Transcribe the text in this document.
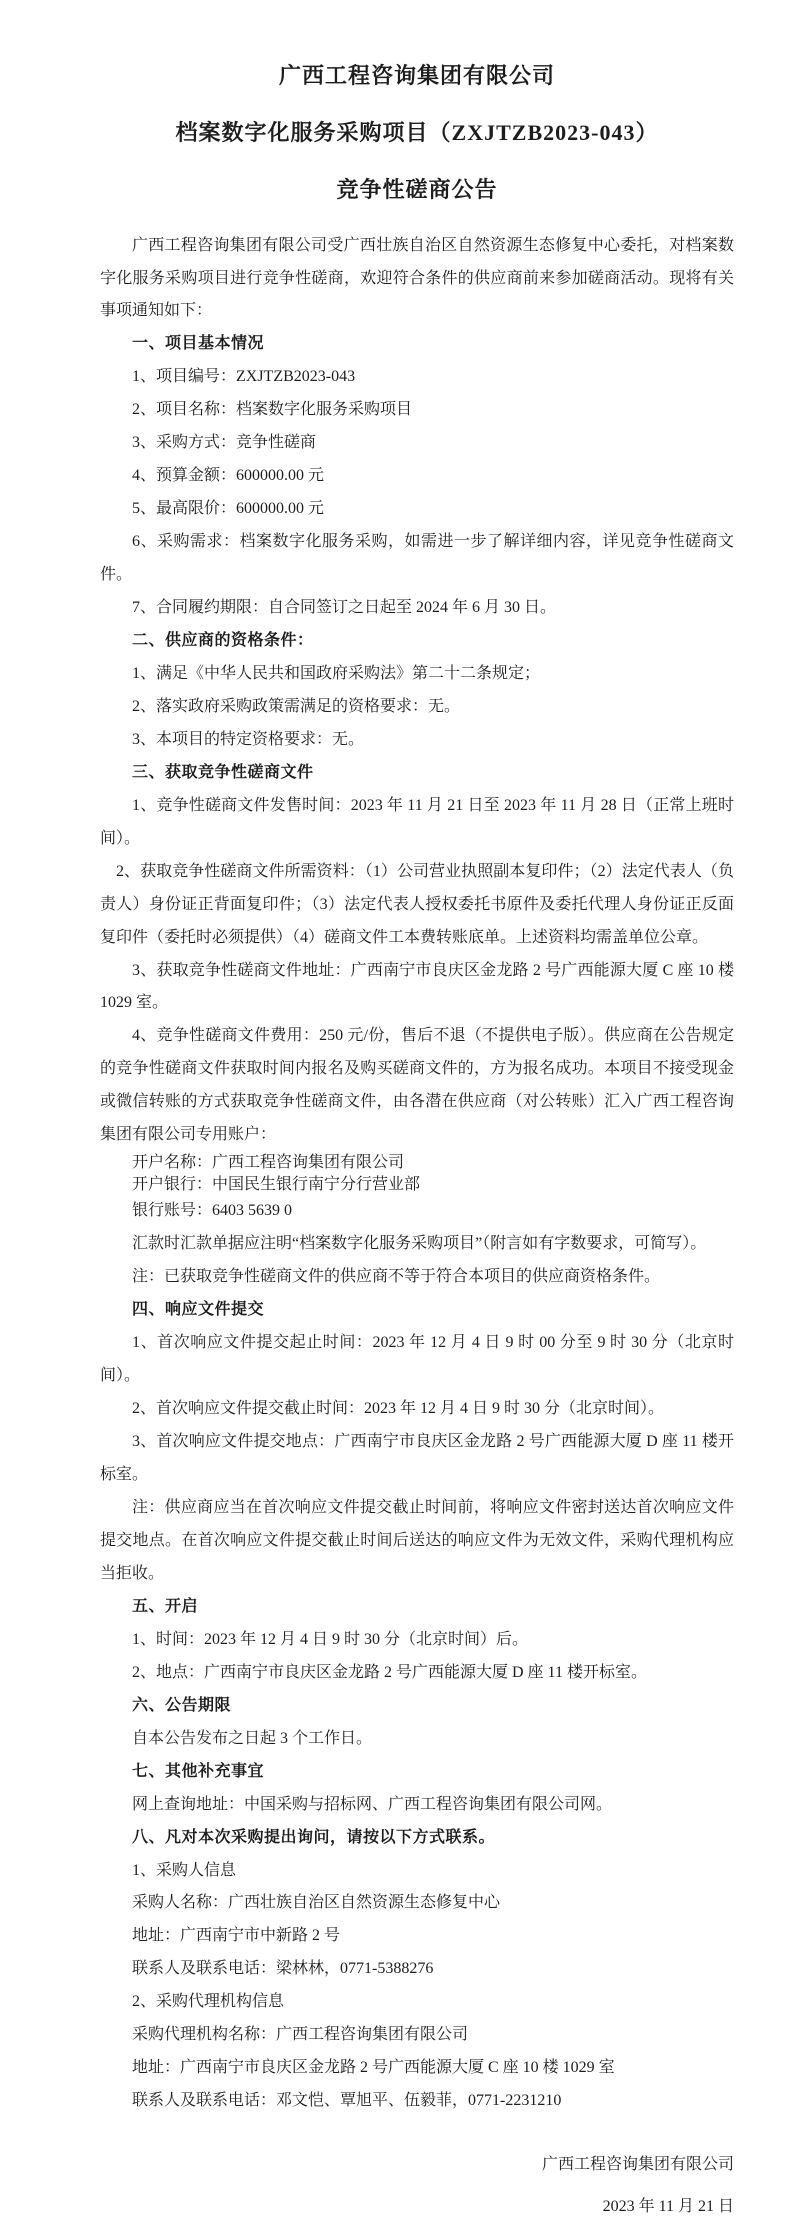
广西工程咨询集团有限公司
档案数字化服务采购项目（ZXJTZB2023-043）
竞争性磋商公告

广西工程咨询集团有限公司受广西壮族自治区自然资源生态修复中心委托，对档案数字化服务采购项目进行竞争性磋商，欢迎符合条件的供应商前来参加磋商活动。现将有关事项通知如下：

一、项目基本情况

1、项目编号：ZXJTZB2023-043

2、项目名称：档案数字化服务采购项目

3、采购方式：竞争性磋商

4、预算金额：600000.00 元

5、最高限价：600000.00 元

6、采购需求：档案数字化服务采购，如需进一步了解详细内容，详见竞争性磋商文件。

7、合同履约期限：自合同签订之日起至 2024 年 6 月 30 日。

二、供应商的资格条件：

1、满足《中华人民共和国政府采购法》第二十二条规定；

2、落实政府采购政策需满足的资格要求：无。

3、本项目的特定资格要求：无。

三、获取竞争性磋商文件

1、竞争性磋商文件发售时间：2023 年 11 月 21 日至 2023 年 11 月 28 日（正常上班时间）。

2、获取竞争性磋商文件所需资料：（1）公司营业执照副本复印件；（2）法定代表人（负责人）身份证正背面复印件；（3）法定代表人授权委托书原件及委托代理人身份证正反面复印件（委托时必须提供）（4）磋商文件工本费转账底单。上述资料均需盖单位公章。

3、获取竞争性磋商文件地址：广西南宁市良庆区金龙路 2 号广西能源大厦 C 座 10 楼 1029 室。

4、竞争性磋商文件费用：250 元/份，售后不退（不提供电子版）。供应商在公告规定的竞争性磋商文件获取时间内报名及购买磋商文件的，方为报名成功。本项目不接受现金或微信转账的方式获取竞争性磋商文件，由各潜在供应商（对公转账）汇入广西工程咨询集团有限公司专用账户：

开户名称：广西工程咨询集团有限公司

开户银行：中国民生银行南宁分行营业部

银行账号：6403 5639 0

汇款时汇款单据应注明“档案数字化服务采购项目”（附言如有字数要求，可简写）。

注：已获取竞争性磋商文件的供应商不等于符合本项目的供应商资格条件。

四、响应文件提交

1、首次响应文件提交起止时间：2023 年 12 月 4 日 9 时 00 分至 9 时 30 分（北京时间）。

2、首次响应文件提交截止时间：2023 年 12 月 4 日 9 时 30 分（北京时间）。

3、首次响应文件提交地点：广西南宁市良庆区金龙路 2 号广西能源大厦 D 座 11 楼开标室。

注：供应商应当在首次响应文件提交截止时间前，将响应文件密封送达首次响应文件提交地点。在首次响应文件提交截止时间后送达的响应文件为无效文件，采购代理机构应当拒收。

五、开启

1、时间：2023 年 12 月 4 日 9 时 30 分（北京时间）后。

2、地点：广西南宁市良庆区金龙路 2 号广西能源大厦 D 座 11 楼开标室。

六、公告期限

自本公告发布之日起 3 个工作日。

七、其他补充事宜

网上查询地址：中国采购与招标网、广西工程咨询集团有限公司网。

八、凡对本次采购提出询问，请按以下方式联系。

1、采购人信息

采购人名称：广西壮族自治区自然资源生态修复中心

地址：广西南宁市中新路 2 号

联系人及联系电话：梁林林，0771-5388276

2、采购代理机构信息

采购代理机构名称：广西工程咨询集团有限公司

地址：广西南宁市良庆区金龙路 2 号广西能源大厦 C 座 10 楼 1029 室

联系人及联系电话：邓文恺、覃旭平、伍毅菲，0771-2231210

广西工程咨询集团有限公司

2023 年 11 月 21 日
